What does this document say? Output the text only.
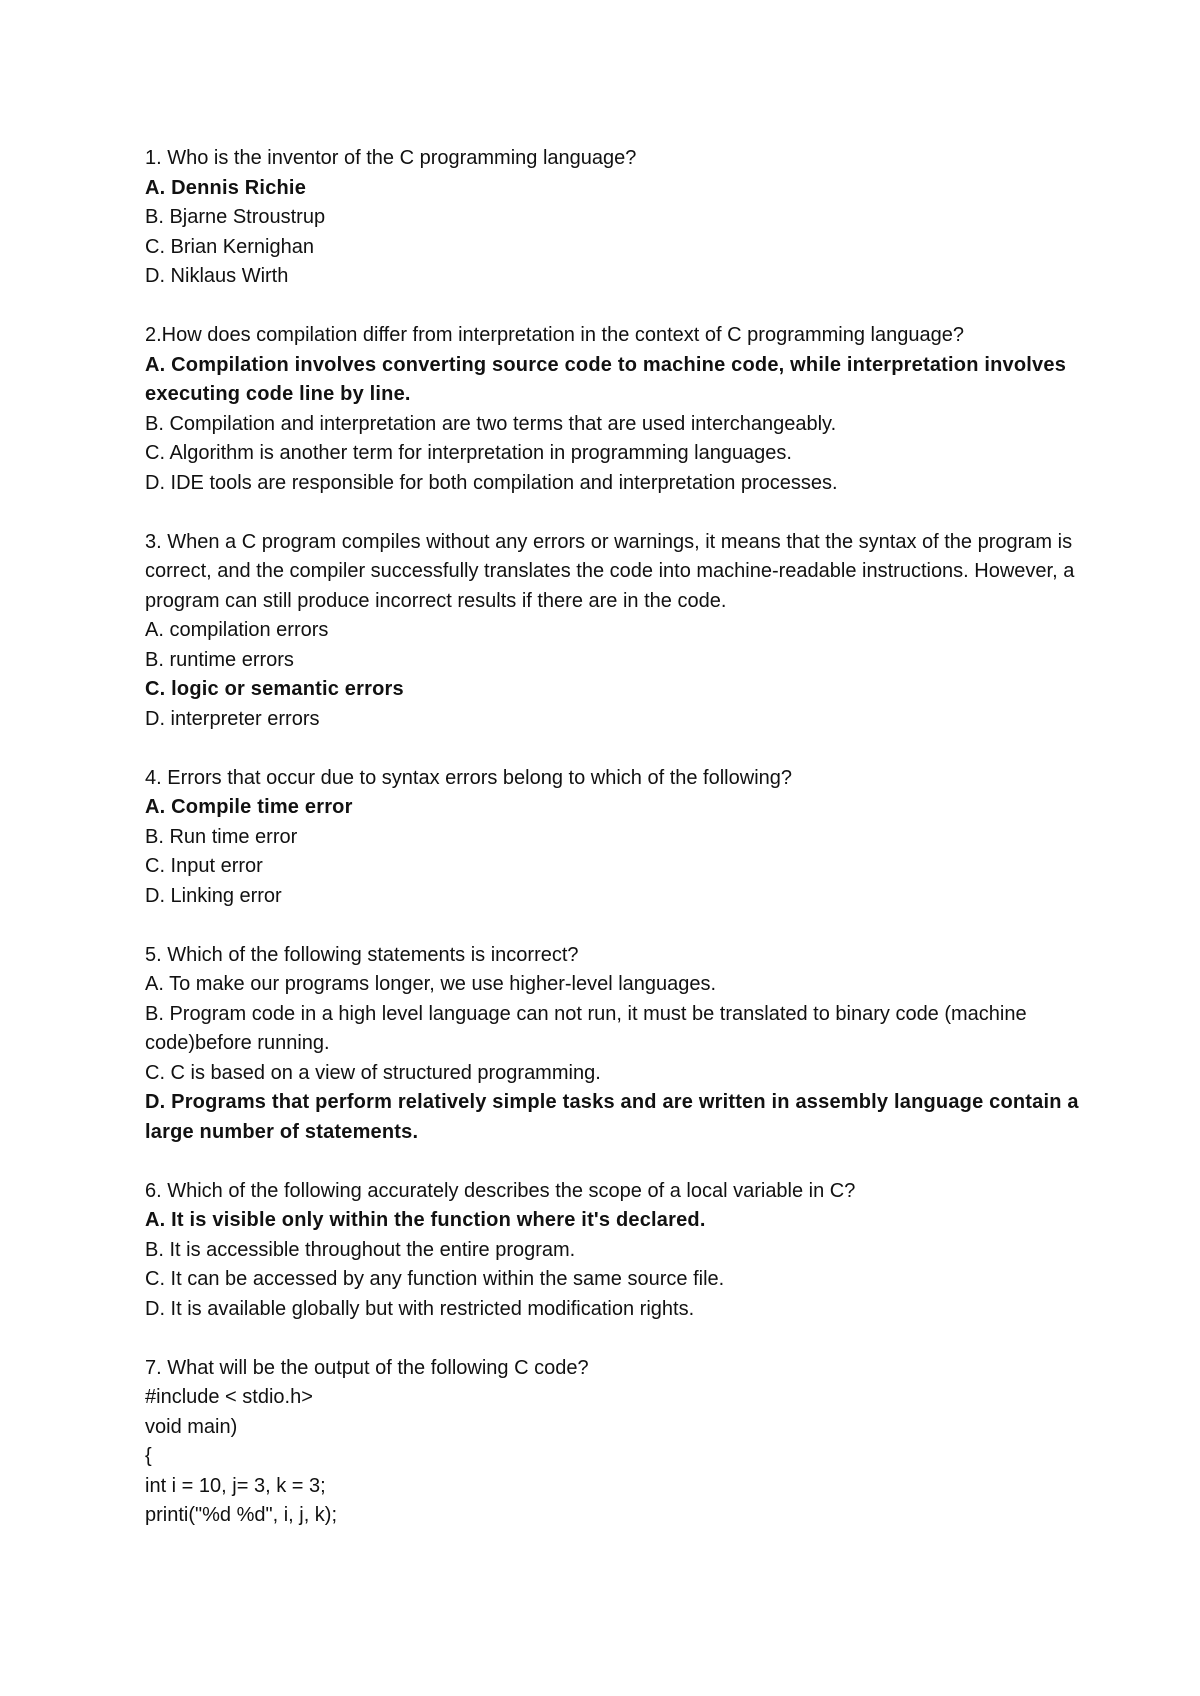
1. Who is the inventor of the C programming language?
A. Dennis Richie
B. Bjarne Stroustrup
C. Brian Kernighan
D. Niklaus Wirth
2.How does compilation differ from interpretation in the context of C programming language?
A. Compilation involves converting source code to machine code, while interpretation involves executing code line by line.
B. Compilation and interpretation are two terms that are used interchangeably.
C. Algorithm is another term for interpretation in programming languages.
D. IDE tools are responsible for both compilation and interpretation processes.
3. When a C program compiles without any errors or warnings, it means that the syntax of the program is correct, and the compiler successfully translates the code into machine-readable instructions. However, a program can still produce incorrect results if there are in the code.
A. compilation errors
B. runtime errors
C. logic or semantic errors
D. interpreter errors
4. Errors that occur due to syntax errors belong to which of the following?
A. Compile time error
B. Run time error
C. Input error
D. Linking error
5. Which of the following statements is incorrect?
A. To make our programs longer, we use higher-level languages.
B. Program code in a high level language can not run, it must be translated to binary code (machine code)before running.
C. C is based on a view of structured programming.
D. Programs that perform relatively simple tasks and are written in assembly language contain a large number of statements.
6. Which of the following accurately describes the scope of a local variable in C?
A. It is visible only within the function where it's declared.
B. It is accessible throughout the entire program.
C. It can be accessed by any function within the same source file.
D. It is available globally but with restricted modification rights.
7. What will be the output of the following C code?
#include < stdio.h>
void main)
{
int i = 10, j= 3, k = 3;
printi("%d %d", i, j, k);
